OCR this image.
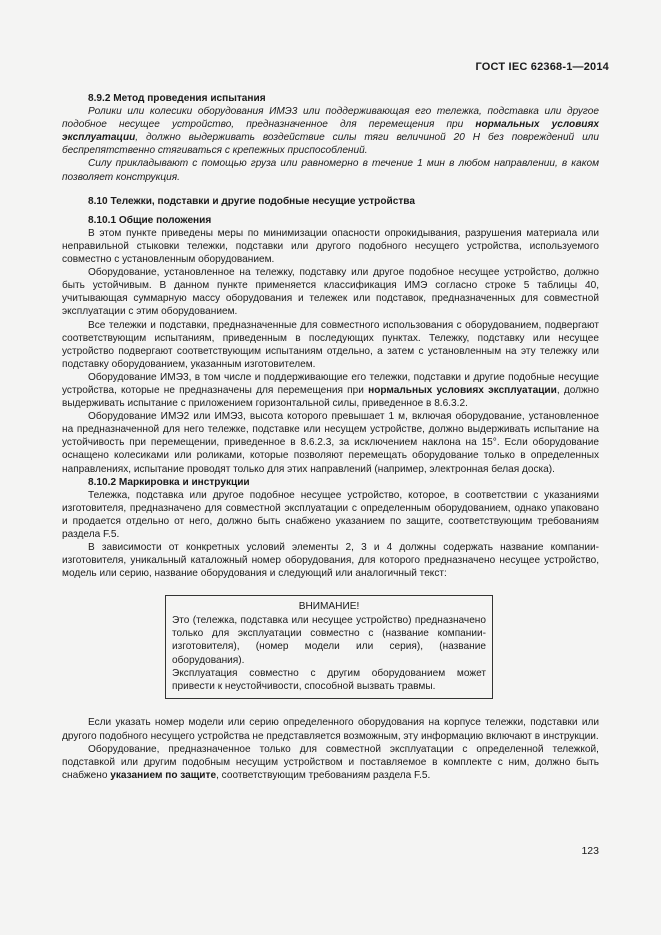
ГОСТ IEC 62368-1—2014

8.9.2 Метод проведения испытания

Ролики или колесики оборудования ИМЭ3 или поддерживающая его тележка, подставка или другое подобное несущее устройство, предназначенное для перемещения при нормальных условиях эксплуатации, должно выдерживать воздействие силы тяги величиной 20 Н без повреждений или беспрепятственно стягиваться с крепежных приспособлений.

Силу прикладывают с помощью груза или равномерно в течение 1 мин в любом направлении, в каком позволяет конструкция.

8.10 Тележки, подставки и другие подобные несущие устройства

8.10.1 Общие положения

В этом пункте приведены меры по минимизации опасности опрокидывания, разрушения материала или неправильной стыковки тележки, подставки или другого подобного несущего устройства, используемого совместно с установленным оборудованием.

Оборудование, установленное на тележку, подставку или другое подобное несущее устройство, должно быть устойчивым. В данном пункте применяется классификация ИМЭ согласно строке 5 таблицы 40, учитывающая суммарную массу оборудования и тележек или подставок, предназначенных для совместной эксплуатации с этим оборудованием.

Все тележки и подставки, предназначенные для совместного использования с оборудованием, подвергают соответствующим испытаниям, приведенным в последующих пунктах. Тележку, подставку или несущее устройство подвергают соответствующим испытаниям отдельно, а затем с установленным на эту тележку или подставку оборудованием, указанным изготовителем.

Оборудование ИМЭ3, в том числе и поддерживающие его тележки, подставки и другие подобные несущие устройства, которые не предназначены для перемещения при нормальных условиях эксплуатации, должно выдерживать испытание с приложением горизонтальной силы, приведенное в 8.6.3.2.

Оборудование ИМЭ2 или ИМЭ3, высота которого превышает 1 м, включая оборудование, установленное на предназначенной для него тележке, подставке или несущем устройстве, должно выдерживать испытание на устойчивость при перемещении, приведенное в 8.6.2.3, за исключением наклона на 15°. Если оборудование оснащено колесиками или роликами, которые позволяют перемещать оборудование только в определенных направлениях, испытание проводят только для этих направлений (например, электронная белая доска).

8.10.2 Маркировка и инструкции

Тележка, подставка или другое подобное несущее устройство, которое, в соответствии с указаниями изготовителя, предназначено для совместной эксплуатации с определенным оборудованием, однако упаковано и продается отдельно от него, должно быть снабжено указанием по защите, соответствующим требованиям раздела F.5.

В зависимости от конкретных условий элементы 2, 3 и 4 должны содержать название компании-изготовителя, уникальный каталожный номер оборудования, для которого предназначено несущее устройство, модель или серию, название оборудования и следующий или аналогичный текст:

ВНИМАНИЕ!
Это (тележка, подставка или несущее устройство) предназначено только для эксплуатации совместно с (название компании-изготовителя), (номер модели или серия), (название оборудования).
Эксплуатация совместно с другим оборудованием может привести к неустойчивости, способной вызвать травмы.

Если указать номер модели или серию определенного оборудования на корпусе тележки, подставки или другого подобного несущего устройства не представляется возможным, эту информацию включают в инструкции.

Оборудование, предназначенное только для совместной эксплуатации с определенной тележкой, подставкой или другим подобным несущим устройством и поставляемое в комплекте с ним, должно быть снабжено указанием по защите, соответствующим требованиям раздела F.5.

123
